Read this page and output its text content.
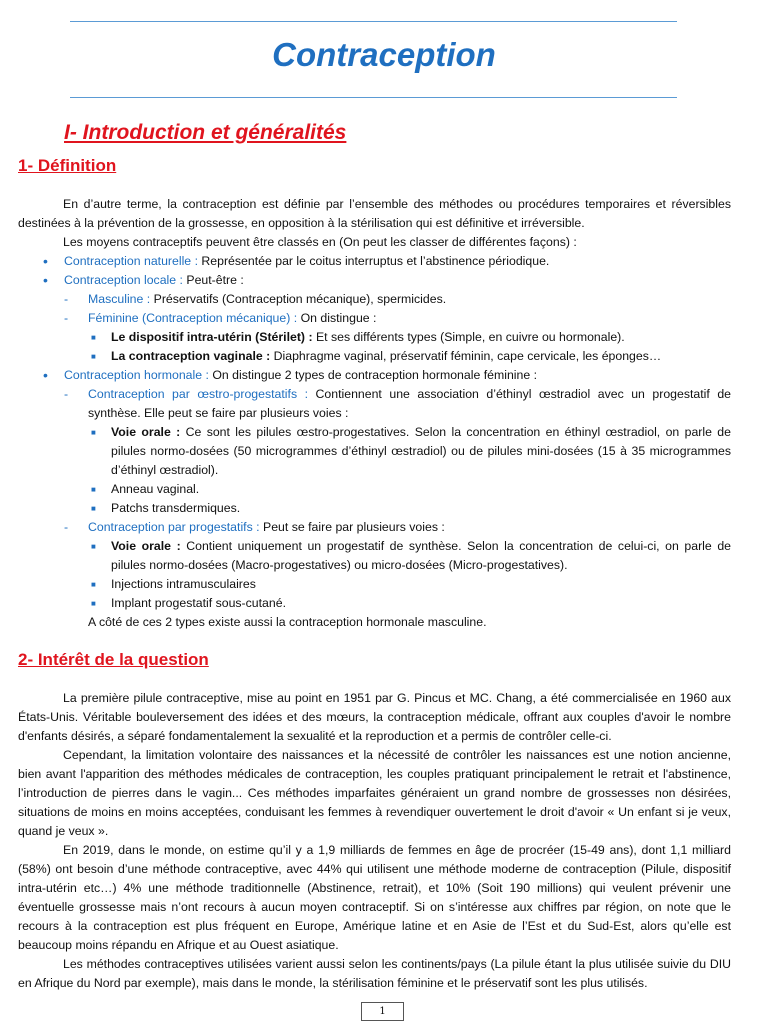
Contraception
I- Introduction et généralités
1- Définition

En d’autre terme, la contraception est définie par l’ensemble des méthodes ou procédures temporaires et réversibles destinées à la prévention de la grossesse, en opposition à la stérilisation qui est définitive et irréversible.

Les moyens contraceptifs peuvent être classés en (On peut les classer de différentes façons) :

• Contraception naturelle : Représentée par le coitus interruptus et l’abstinence périodique.
• Contraception locale : Peut-être :
- Masculine : Préservatifs (Contraception mécanique), spermicides.
- Féminine (Contraception mécanique) : On distingue :
■ Le dispositif intra-utérin (Stérilet) : Et ses différents types (Simple, en cuivre ou hormonale).
■ La contraception vaginale : Diaphragme vaginal, préservatif féminin, cape cervicale, les éponges…
• Contraception hormonale : On distingue 2 types de contraception hormonale féminine :
- Contraception par œstro-progestatifs : Contiennent une association d’éthinyl œstradiol avec un progestatif de synthèse. Elle peut se faire par plusieurs voies :
■ Voie orale : Ce sont les pilules œstro-progestatives. Selon la concentration en éthinyl œstradiol, on parle de pilules normo-dosées (50 microgrammes d’éthinyl œstradiol) ou de pilules mini-dosées (15 à 35 microgrammes d’éthinyl œstradiol).
■ Anneau vaginal.
■ Patchs transdermiques.
- Contraception par progestatifs : Peut se faire par plusieurs voies :
■ Voie orale : Contient uniquement un progestatif de synthèse. Selon la concentration de celui-ci, on parle de pilules normo-dosées (Macro-progestatives) ou micro-dosées (Micro-progestatives).
■ Injections intramusculaires
■ Implant progestatif sous-cutané.
A côté de ces 2 types existe aussi la contraception hormonale masculine.
2- Intérêt de la question

La première pilule contraceptive, mise au point en 1951 par G. Pincus et MC. Chang, a été commercialisée en 1960 aux États-Unis. Véritable bouleversement des idées et des mœurs, la contraception médicale, offrant aux couples d'avoir le nombre d'enfants désirés, a séparé fondamentalement la sexualité et la reproduction et a permis de contrôler celle-ci.

Cependant, la limitation volontaire des naissances et la nécessité de contrôler les naissances est une notion ancienne, bien avant l'apparition des méthodes médicales de contraception, les couples pratiquant principalement le retrait et l'abstinence, l’introduction de pierres dans le vagin... Ces méthodes imparfaites généraient un grand nombre de grossesses non désirées, situations de moins en moins acceptées, conduisant les femmes à revendiquer ouvertement le droit d'avoir « Un enfant si je veux, quand je veux ».

En 2019, dans le monde, on estime qu’il y a 1,9 milliards de femmes en âge de procréer (15-49 ans), dont 1,1 milliard (58%) ont besoin d’une méthode contraceptive, avec 44% qui utilisent une méthode moderne de contraception (Pilule, dispositif intra-utérin etc…) 4% une méthode traditionnelle (Abstinence, retrait), et 10% (Soit 190 millions) qui veulent prévenir une éventuelle grossesse mais n’ont recours à aucun moyen contraceptif. Si on s’intéresse aux chiffres par région, on note que le recours à la contraception est plus fréquent en Europe, Amérique latine et en Asie de l’Est et du Sud-Est, alors qu’elle est beaucoup moins répandu en Afrique et au Ouest asiatique.

Les méthodes contraceptives utilisées varient aussi selon les continents/pays (La pilule étant la plus utilisée suivie du DIU en Afrique du Nord par exemple), mais dans le monde, la stérilisation féminine et le préservatif sont les plus utilisés.

1
